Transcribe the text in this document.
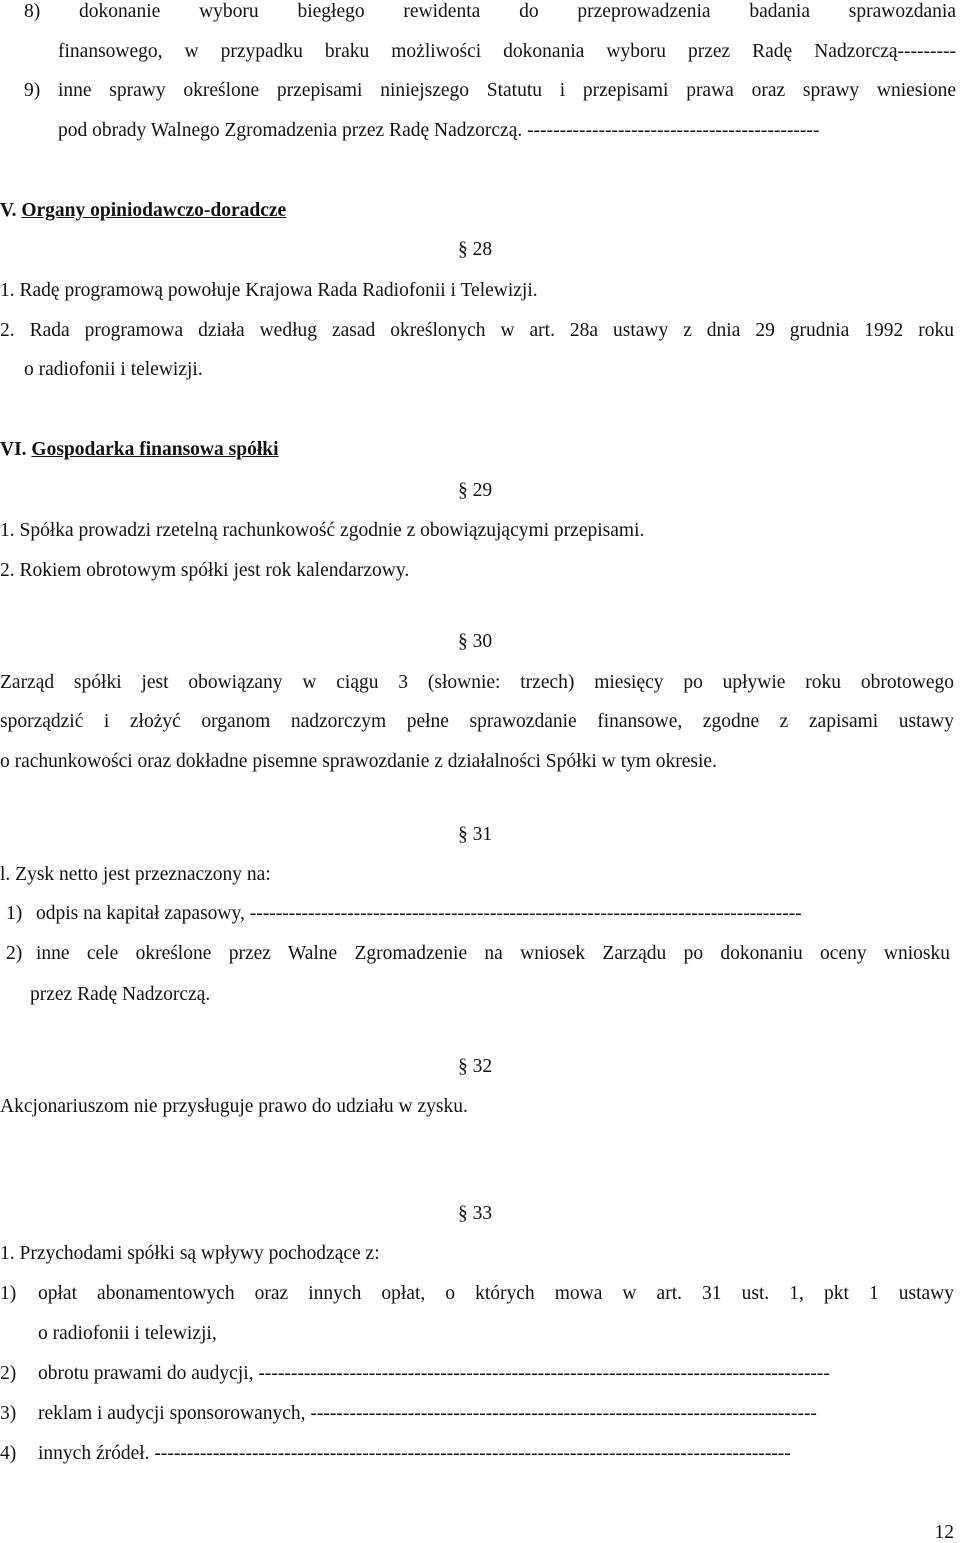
8) dokonanie wyboru biegłego rewidenta do przeprowadzenia badania sprawozdania
finansowego, w przypadku braku możliwości dokonania wyboru przez Radę Nadzorczą---------
9) inne sprawy określone przepisami niniejszego Statutu i przepisami prawa oraz sprawy wniesione
pod obrady Walnego Zgromadzenia przez Radę Nadzorczą. ---------------------------------------------
V. Organy opiniodawczo-doradcze
§ 28
1. Radę programową powołuje Krajowa Rada Radiofonii i Telewizji.
2. Rada programowa działa według zasad określonych w art. 28a ustawy z dnia 29 grudnia 1992 roku
o radiofonii i telewizji.
VI. Gospodarka finansowa spółki
§ 29
1. Spółka prowadzi rzetelną rachunkowość zgodnie z obowiązującymi przepisami.
2. Rokiem obrotowym spółki jest rok kalendarzowy.
§ 30
Zarząd spółki jest obowiązany w ciągu 3 (słownie: trzech) miesięcy po upływie roku obrotowego
sporządzić i złożyć organom nadzorczym pełne sprawozdanie finansowe, zgodne z zapisami ustawy
o rachunkowości oraz dokładne pisemne sprawozdanie z działalności Spółki w tym okresie.
§ 31
l. Zysk netto jest przeznaczony na:
1) odpis na kapitał zapasowy, -------------------------------------------------------------------------------------
2) inne cele określone przez Walne Zgromadzenie na wniosek Zarządu po dokonaniu oceny wniosku
przez Radę Nadzorczą.
§ 32
Akcjonariuszom nie przysługuje prawo do udziału w zysku.
§ 33
1. Przychodami spółki są wpływy pochodzące z:
1) opłat abonamentowych oraz innych opłat, o których mowa w art. 31 ust. 1, pkt 1 ustawy
o radiofonii i telewizji,
2) obrotu prawami do audycji, ----------------------------------------------------------------------------------------
3) reklam i audycji sponsorowanych, ------------------------------------------------------------------------------
4) innych źródeł. --------------------------------------------------------------------------------------------------
12
